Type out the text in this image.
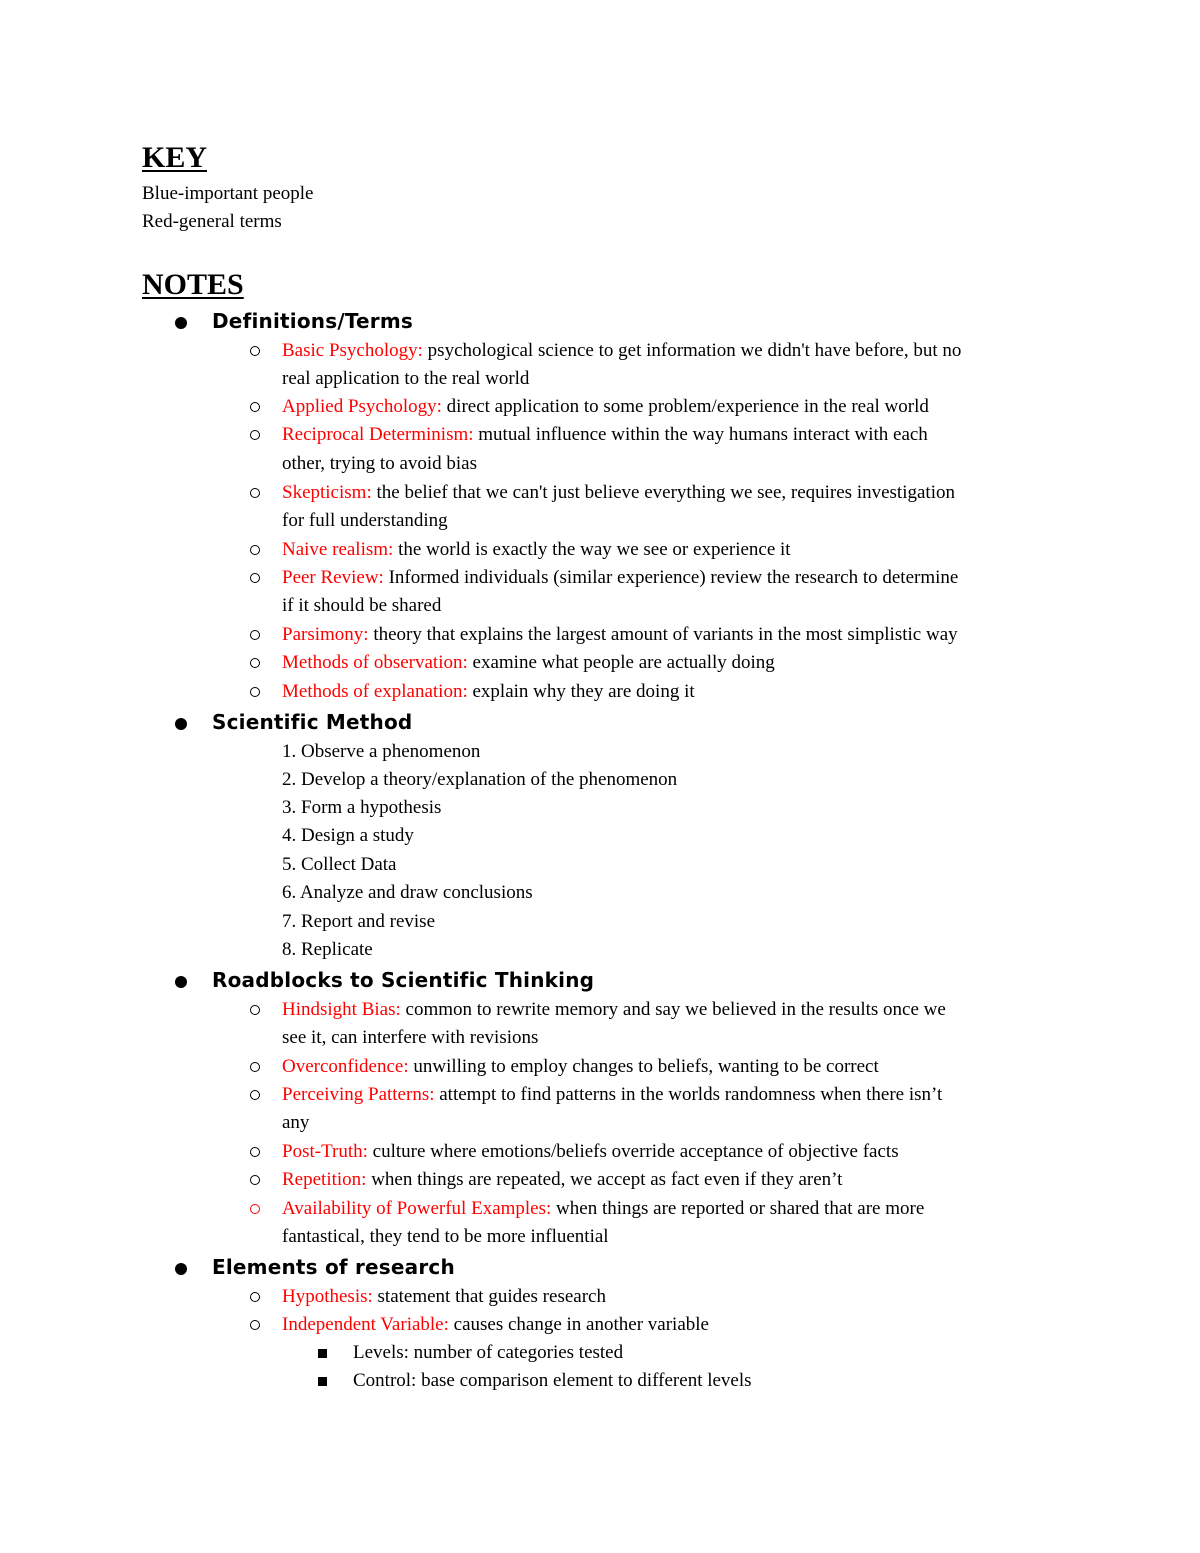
KEY
Blue-important people
Red-general terms
NOTES
Definitions/Terms
Basic Psychology: psychological science to get information we didn't have before, but no
real application to the real world
Applied Psychology: direct application to some problem/experience in the real world
Reciprocal Determinism: mutual influence within the way humans interact with each
other, trying to avoid bias
Skepticism: the belief that we can't just believe everything we see, requires investigation
for full understanding
Naive realism: the world is exactly the way we see or experience it
Peer Review: Informed individuals (similar experience) review the research to determine
if it should be shared
Parsimony: theory that explains the largest amount of variants in the most simplistic way
Methods of observation: examine what people are actually doing
Methods of explanation: explain why they are doing it
Scientific Method
1. Observe a phenomenon
2. Develop a theory/explanation of the phenomenon
3. Form a hypothesis
4. Design a study
5. Collect Data
6. Analyze and draw conclusions
7. Report and revise
8. Replicate
Roadblocks to Scientific Thinking
Hindsight Bias: common to rewrite memory and say we believed in the results once we
see it, can interfere with revisions
Overconfidence: unwilling to employ changes to beliefs, wanting to be correct
Perceiving Patterns: attempt to find patterns in the worlds randomness when there isn’t
any
Post-Truth: culture where emotions/beliefs override acceptance of objective facts
Repetition: when things are repeated, we accept as fact even if they aren’t
Availability of Powerful Examples: when things are reported or shared that are more
fantastical, they tend to be more influential
Elements of research
Hypothesis: statement that guides research
Independent Variable: causes change in another variable
Levels: number of categories tested
Control: base comparison element to different levels
